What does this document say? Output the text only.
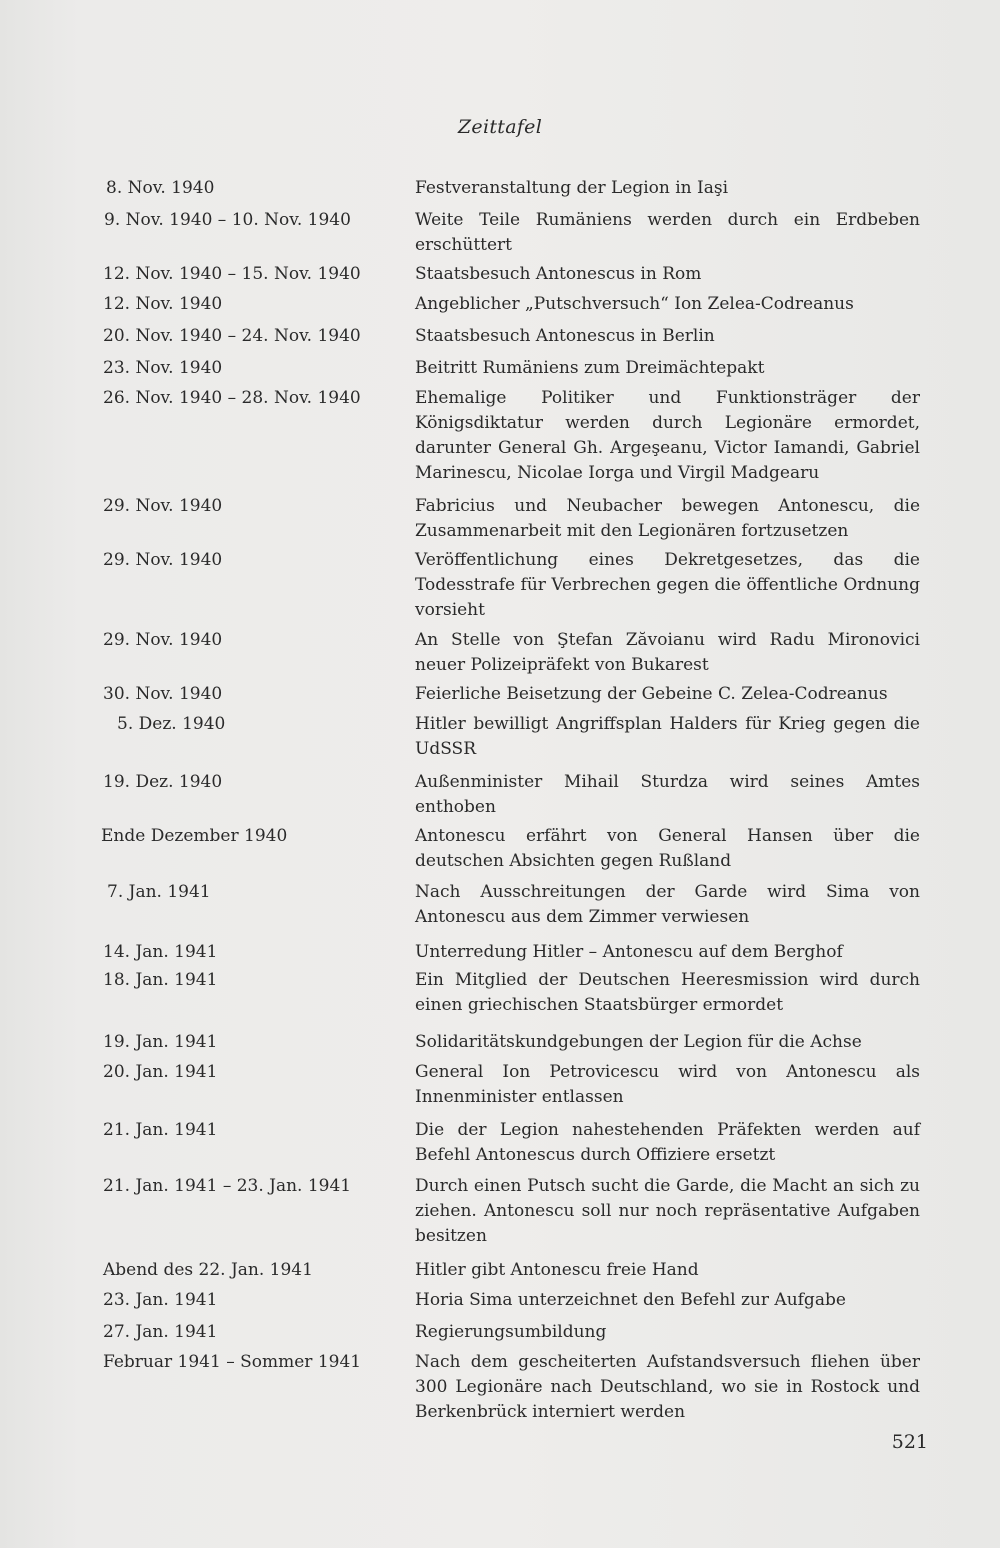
Zeittafel
8. Nov. 1940	Festveranstaltung der Legion in Iaşi
9. Nov. 1940 – 10. Nov. 1940	Weite Teile Rumäniens werden durch ein Erdbeben erschüttert
12. Nov. 1940 – 15. Nov. 1940	Staatsbesuch Antonescus in Rom
12. Nov. 1940	Angeblicher „Putschversuch“ Ion Zelea-Codreanus
20. Nov. 1940 – 24. Nov. 1940	Staatsbesuch Antonescus in Berlin
23. Nov. 1940	Beitritt Rumäniens zum Dreimächtepakt
26. Nov. 1940 – 28. Nov. 1940	Ehemalige Politiker und Funktionsträger der Königsdiktatur werden durch Legionäre ermordet, darunter General Gh. Argeşeanu, Victor Iamandi, Gabriel Marinescu, Nicolae Iorga und Virgil Madgearu
29. Nov. 1940	Fabricius und Neubacher bewegen Antonescu, die Zusammenarbeit mit den Legionären fortzusetzen
29. Nov. 1940	Veröffentlichung eines Dekretgesetzes, das die Todesstrafe für Verbrechen gegen die öffentliche Ordnung vorsieht
29. Nov. 1940	An Stelle von Ştefan Zăvoianu wird Radu Mironovici neuer Polizeipräfekt von Bukarest
30. Nov. 1940	Feierliche Beisetzung der Gebeine C. Zelea-Codreanus
5. Dez. 1940	Hitler bewilligt Angriffsplan Halders für Krieg gegen die UdSSR
19. Dez. 1940	Außenminister Mihail Sturdza wird seines Amtes enthoben
Ende Dezember 1940	Antonescu erfährt von General Hansen über die deutschen Absichten gegen Rußland
7. Jan. 1941	Nach Ausschreitungen der Garde wird Sima von Antonescu aus dem Zimmer verwiesen
14. Jan. 1941	Unterredung Hitler – Antonescu auf dem Berghof
18. Jan. 1941	Ein Mitglied der Deutschen Heeresmission wird durch einen griechischen Staatsbürger ermordet
19. Jan. 1941	Solidaritätskundgebungen der Legion für die Achse
20. Jan. 1941	General Ion Petrovicescu wird von Antonescu als Innenminister entlassen
21. Jan. 1941	Die der Legion nahestehenden Präfekten werden auf Befehl Antonescus durch Offiziere ersetzt
21. Jan. 1941 – 23. Jan. 1941	Durch einen Putsch sucht die Garde, die Macht an sich zu ziehen. Antonescu soll nur noch repräsentative Aufgaben besitzen
Abend des 22. Jan. 1941	Hitler gibt Antonescu freie Hand
23. Jan. 1941	Horia Sima unterzeichnet den Befehl zur Aufgabe
27. Jan. 1941	Regierungsumbildung
Februar 1941 – Sommer 1941	Nach dem gescheiterten Aufstandsversuch fliehen über 300 Legionäre nach Deutschland, wo sie in Rostock und Berkenbrück interniert werden
521
